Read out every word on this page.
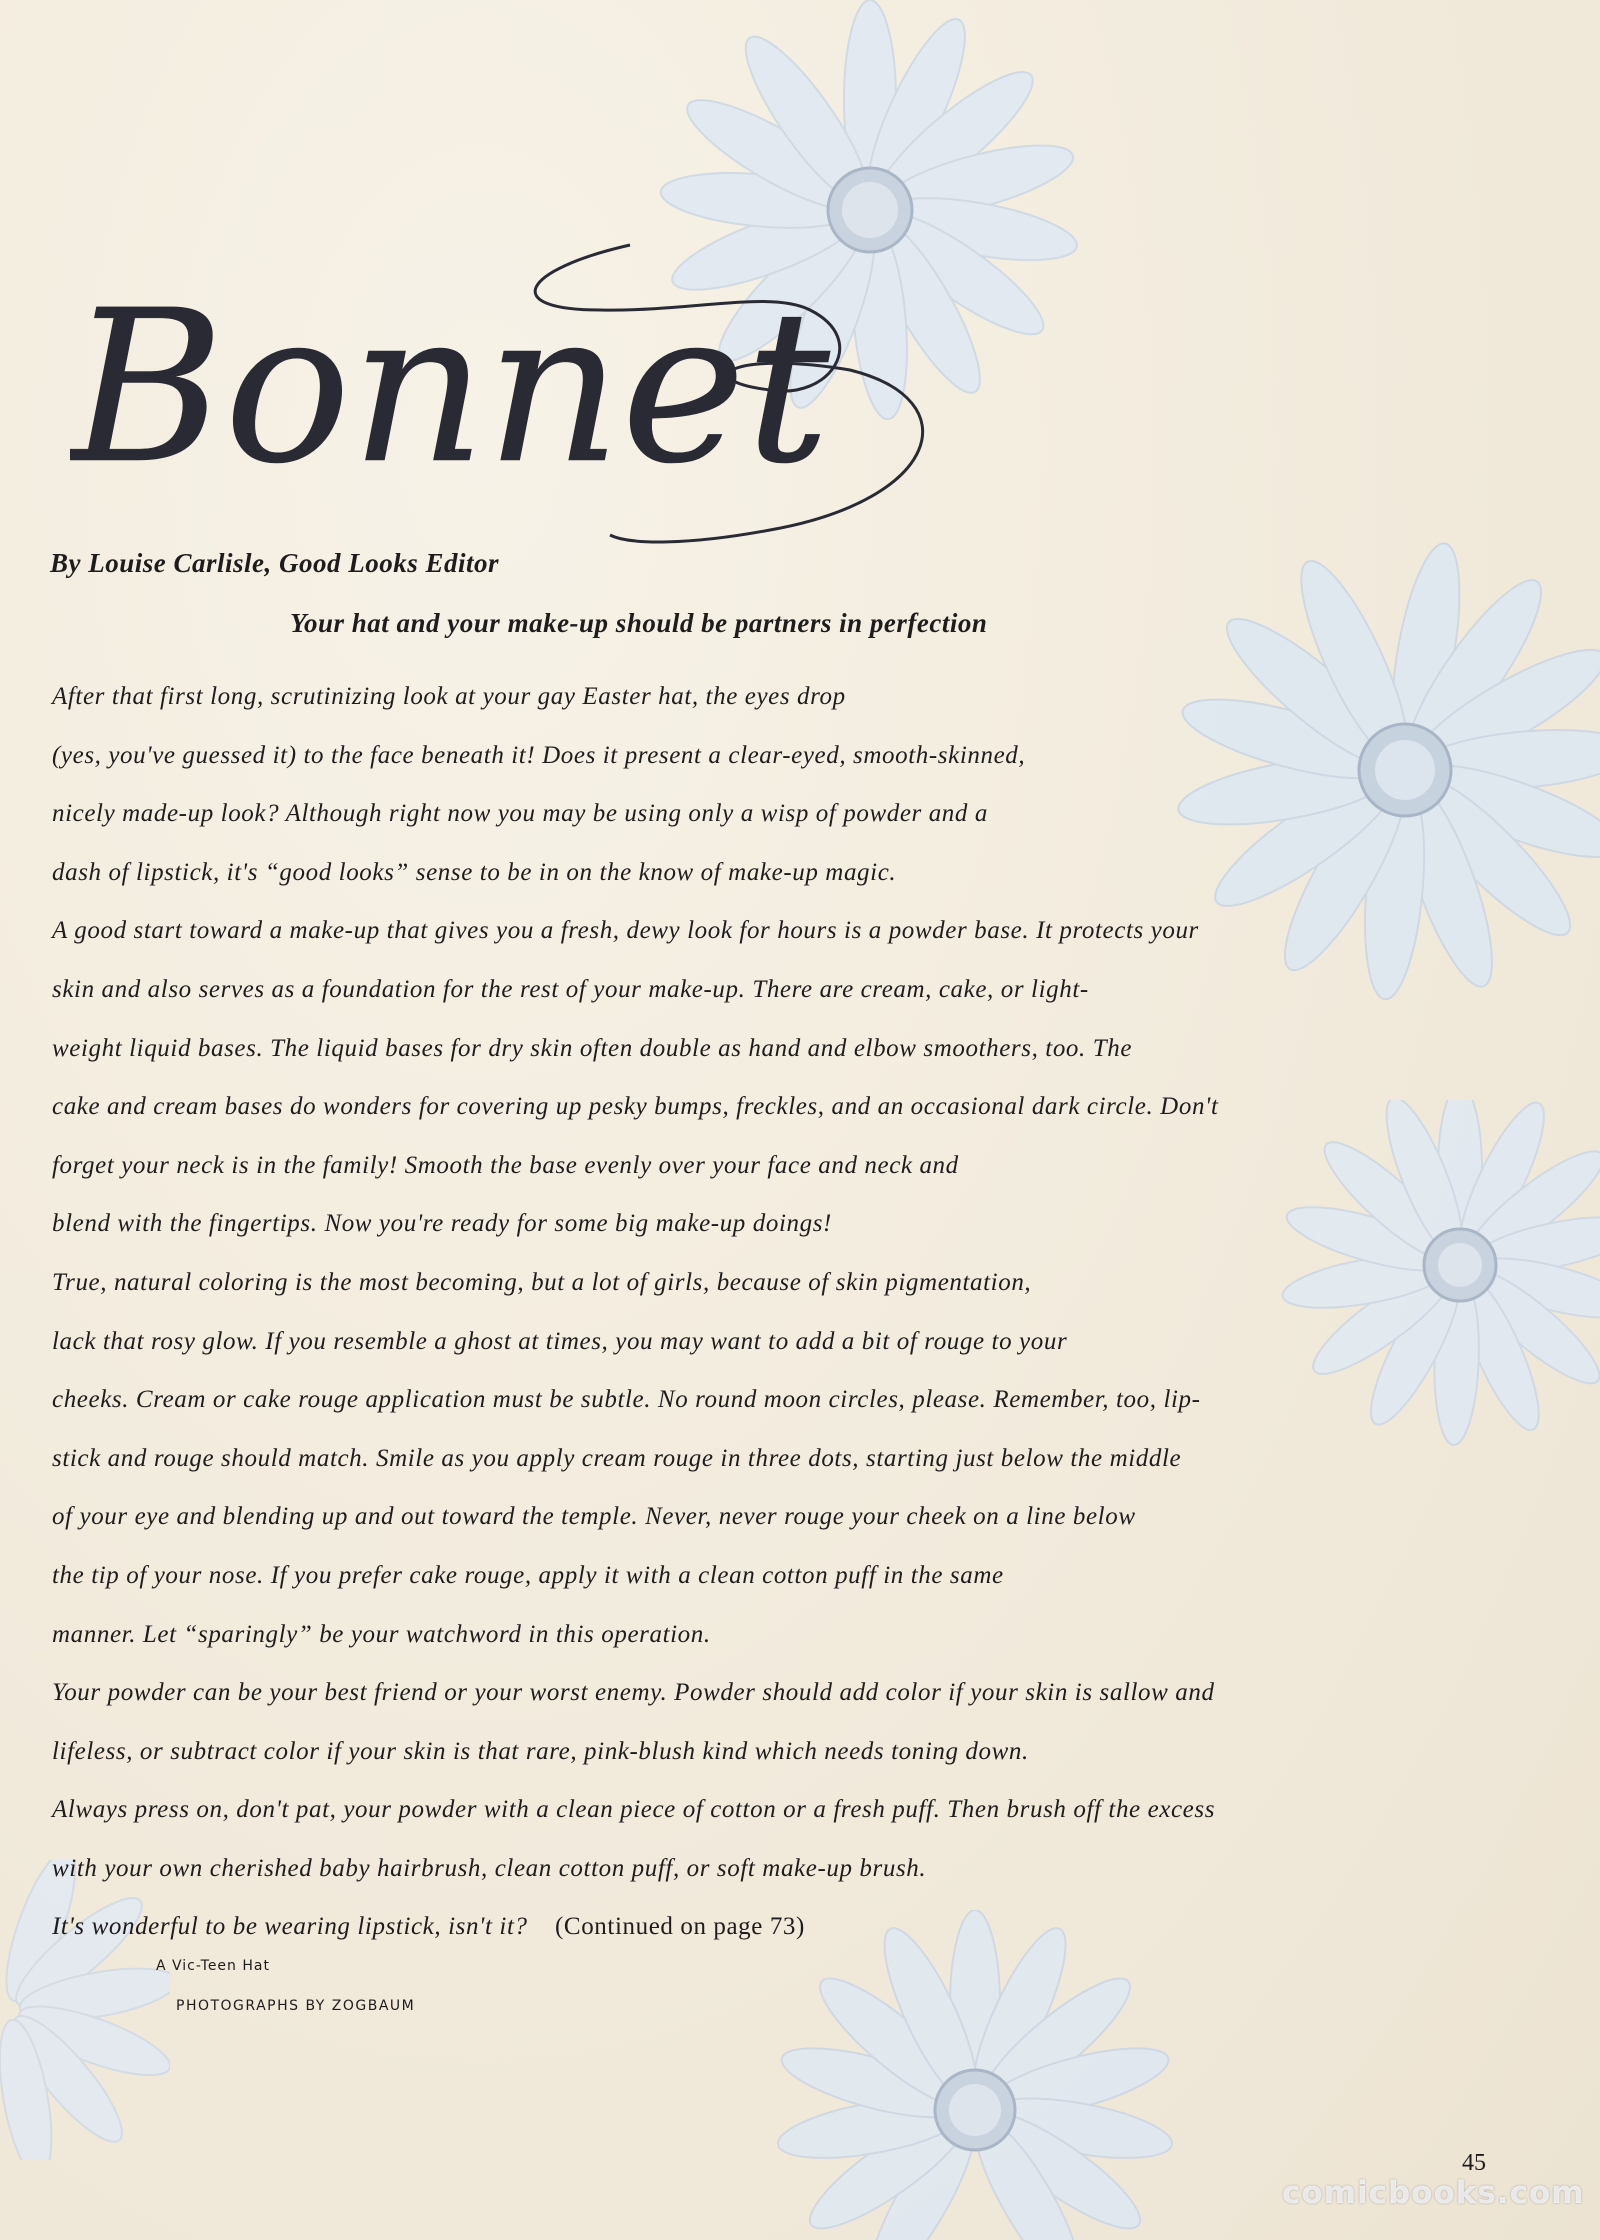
Bonnet
By Louise Carlisle, Good Looks Editor
Your hat and your make-up should be partners in perfection
After that first long, scrutinizing look at your gay Easter hat, the eyes drop
(yes, you've guessed it) to the face beneath it! Does it present a clear-eyed, smooth-skinned,
nicely made-up look? Although right now you may be using only a wisp of powder and a
dash of lipstick, it's “good looks” sense to be in on the know of make-up magic.
A good start toward a make-up that gives you a fresh, dewy look for hours is a powder base. It protects your
skin and also serves as a foundation for the rest of your make-up. There are cream, cake, or light-
weight liquid bases. The liquid bases for dry skin often double as hand and elbow smoothers, too. The
cake and cream bases do wonders for covering up pesky bumps, freckles, and an occasional dark circle. Don't
forget your neck is in the family! Smooth the base evenly over your face and neck and
blend with the fingertips. Now you're ready for some big make-up doings!
True, natural coloring is the most becoming, but a lot of girls, because of skin pigmentation,
lack that rosy glow. If you resemble a ghost at times, you may want to add a bit of rouge to your
cheeks. Cream or cake rouge application must be subtle. No round moon circles, please. Remember, too, lip-
stick and rouge should match. Smile as you apply cream rouge in three dots, starting just below the middle
of your eye and blending up and out toward the temple. Never, never rouge your cheek on a line below
the tip of your nose. If you prefer cake rouge, apply it with a clean cotton puff in the same
manner. Let “sparingly” be your watchword in this operation.
Your powder can be your best friend or your worst enemy. Powder should add color if your skin is sallow and
lifeless, or subtract color if your skin is that rare, pink-blush kind which needs toning down.
Always press on, don't pat, your powder with a clean piece of cotton or a fresh puff. Then brush off the excess
with your own cherished baby hairbrush, clean cotton puff, or soft make-up brush.
It's wonderful to be wearing lipstick, isn't it? (Continued on page 73)
A Vic-Teen Hat
PHOTOGRAPHS BY ZOGBAUM
45
comicbooks.com
